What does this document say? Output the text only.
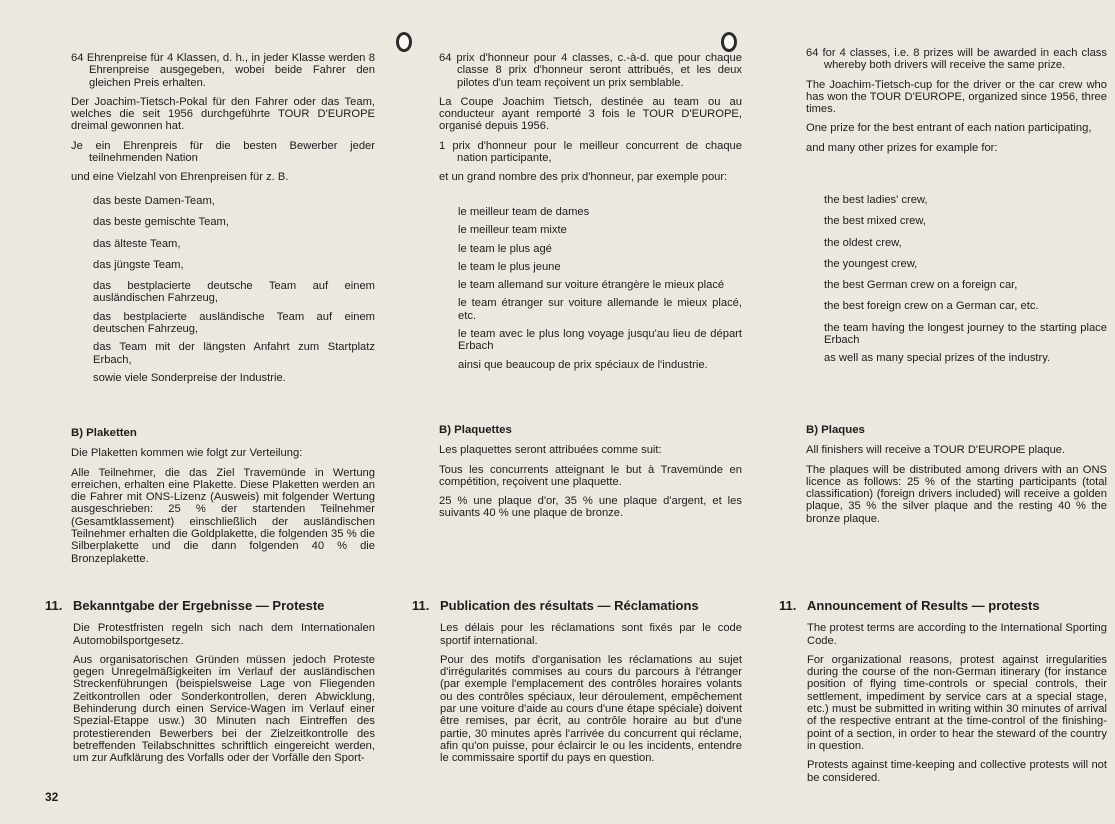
64 Ehrenpreise für 4 Klassen, d. h., in jeder Klasse werden 8 Ehrenpreise ausgegeben, wobei beide Fahrer den gleichen Preis erhalten.

Der Joachim-Tietsch-Pokal für den Fahrer oder das Team, welches die seit 1956 durchgeführte TOUR D'EUROPE dreimal gewonnen hat.

Je ein Ehrenpreis für die besten Bewerber jeder teilnehmenden Nation

und eine Vielzahl von Ehrenpreisen für z. B.

das beste Damen-Team,

das beste gemischte Team,

das älteste Team,

das jüngste Team,

das bestplacierte deutsche Team auf einem ausländischen Fahrzeug,

das bestplacierte ausländische Team auf einem deutschen Fahrzeug,

das Team mit der längsten Anfahrt zum Startplatz Erbach,

sowie viele Sonderpreise der Industrie.

B) Plaketten

Die Plaketten kommen wie folgt zur Verteilung:

Alle Teilnehmer, die das Ziel Travemünde in Wertung erreichen, erhalten eine Plakette. Diese Plaketten werden an die Fahrer mit ONS-Lizenz (Ausweis) mit folgender Wertung ausgeschrieben: 25 % der startenden Teilnehmer (Gesamtklassement) einschließlich der ausländischen Teilnehmer erhalten die Goldplakette, die folgenden 35 % die Silberplakette und die dann folgenden 40 % die Bronzeplakette.

11. Bekanntgabe der Ergebnisse — Proteste

Die Protestfristen regeln sich nach dem Internationalen Automobilsportgesetz.

Aus organisatorischen Gründen müssen jedoch Proteste gegen Unregelmäßigkeiten im Verlauf der ausländischen Streckenführungen (beispielsweise Lage von Fliegenden Zeitkontrollen oder Sonderkontrollen, deren Abwicklung, Behinderung durch einen Service-Wagen im Verlauf einer Spezial-Etappe usw.) 30 Minuten nach Eintreffen des protestierenden Bewerbers bei der Zielzeitkontrolle des betreffenden Teilabschnittes schriftlich eingereicht werden, um zur Aufklärung des Vorfalls oder der Vorfälle den Sport-

64 prix d'honneur pour 4 classes, c.-à-d. que pour chaque classe 8 prix d'honneur seront attribués, et les deux pilotes d'un team reçoivent un prix semblable.

La Coupe Joachim Tietsch, destinée au team ou au conducteur ayant remporté 3 fois le TOUR D'EUROPE, organisé depuis 1956.

1 prix d'honneur pour le meilleur concurrent de chaque nation participante,

et un grand nombre des prix d'honneur, par exemple pour:

le meilleur team de dames

le meilleur team mixte

le team le plus agé

le team le plus jeune

le team allemand sur voiture étrangère le mieux placé

le team étranger sur voiture allemande le mieux placé, etc.

le team avec le plus long voyage jusqu'au lieu de départ Erbach

ainsi que beaucoup de prix spéciaux de l'industrie.

B) Plaquettes

Les plaquettes seront attribuées comme suit:

Tous les concurrents atteignant le but à Travemünde en compétition, reçoivent une plaquette.

25 % une plaque d'or, 35 % une plaque d'argent, et les suivants 40 % une plaque de bronze.

11. Publication des résultats — Réclamations

Les délais pour les réclamations sont fixés par le code sportif international.

Pour des motifs d'organisation les réclamations au sujet d'irrégularités commises au cours du parcours à l'étranger (par exemple l'emplacement des contrôles horaires volants ou des contrôles spéciaux, leur déroulement, empêchement par une voiture d'aide au cours d'une étape spéciale) doivent être remises, par écrit, au contrôle horaire au but d'une partie, 30 minutes après l'arrivée du concurrent qui réclame, afin qu'on puisse, pour éclaircir le ou les incidents, entendre le commissaire sportif du pays en question.

64 for 4 classes, i.e. 8 prizes will be awarded in each class whereby both drivers will receive the same prize.

The Joachim-Tietsch-cup for the driver or the car crew who has won the TOUR D'EUROPE, organized since 1956, three times.

One prize for the best entrant of each nation participating,

and many other prizes for example for:

the best ladies' crew,

the best mixed crew,

the oldest crew,

the youngest crew,

the best German crew on a foreign car,

the best foreign crew on a German car, etc.

the team having the longest journey to the starting place Erbach

as well as many special prizes of the industry.

B) Plaques

All finishers will receive a TOUR D'EUROPE plaque.

The plaques will be distributed among drivers with an ONS licence as follows: 25 % of the starting participants (total classification) (foreign drivers included) will receive a golden plaque, 35 % the silver plaque and the resting 40 % the bronze plaque.

11. Announcement of Results — protests

The protest terms are according to the International Sporting Code.

For organizational reasons, protest against irregularities during the course of the non-German itinerary (for instance position of flying time-controls or special controls, their settlement, impediment by service cars at a special stage, etc.) must be submitted in writing within 30 minutes of arrival of the respective entrant at the time-control of the finishing-point of a section, in order to hear the steward of the country in question.

Protests against time-keeping and collective protests will not be considered.

32
